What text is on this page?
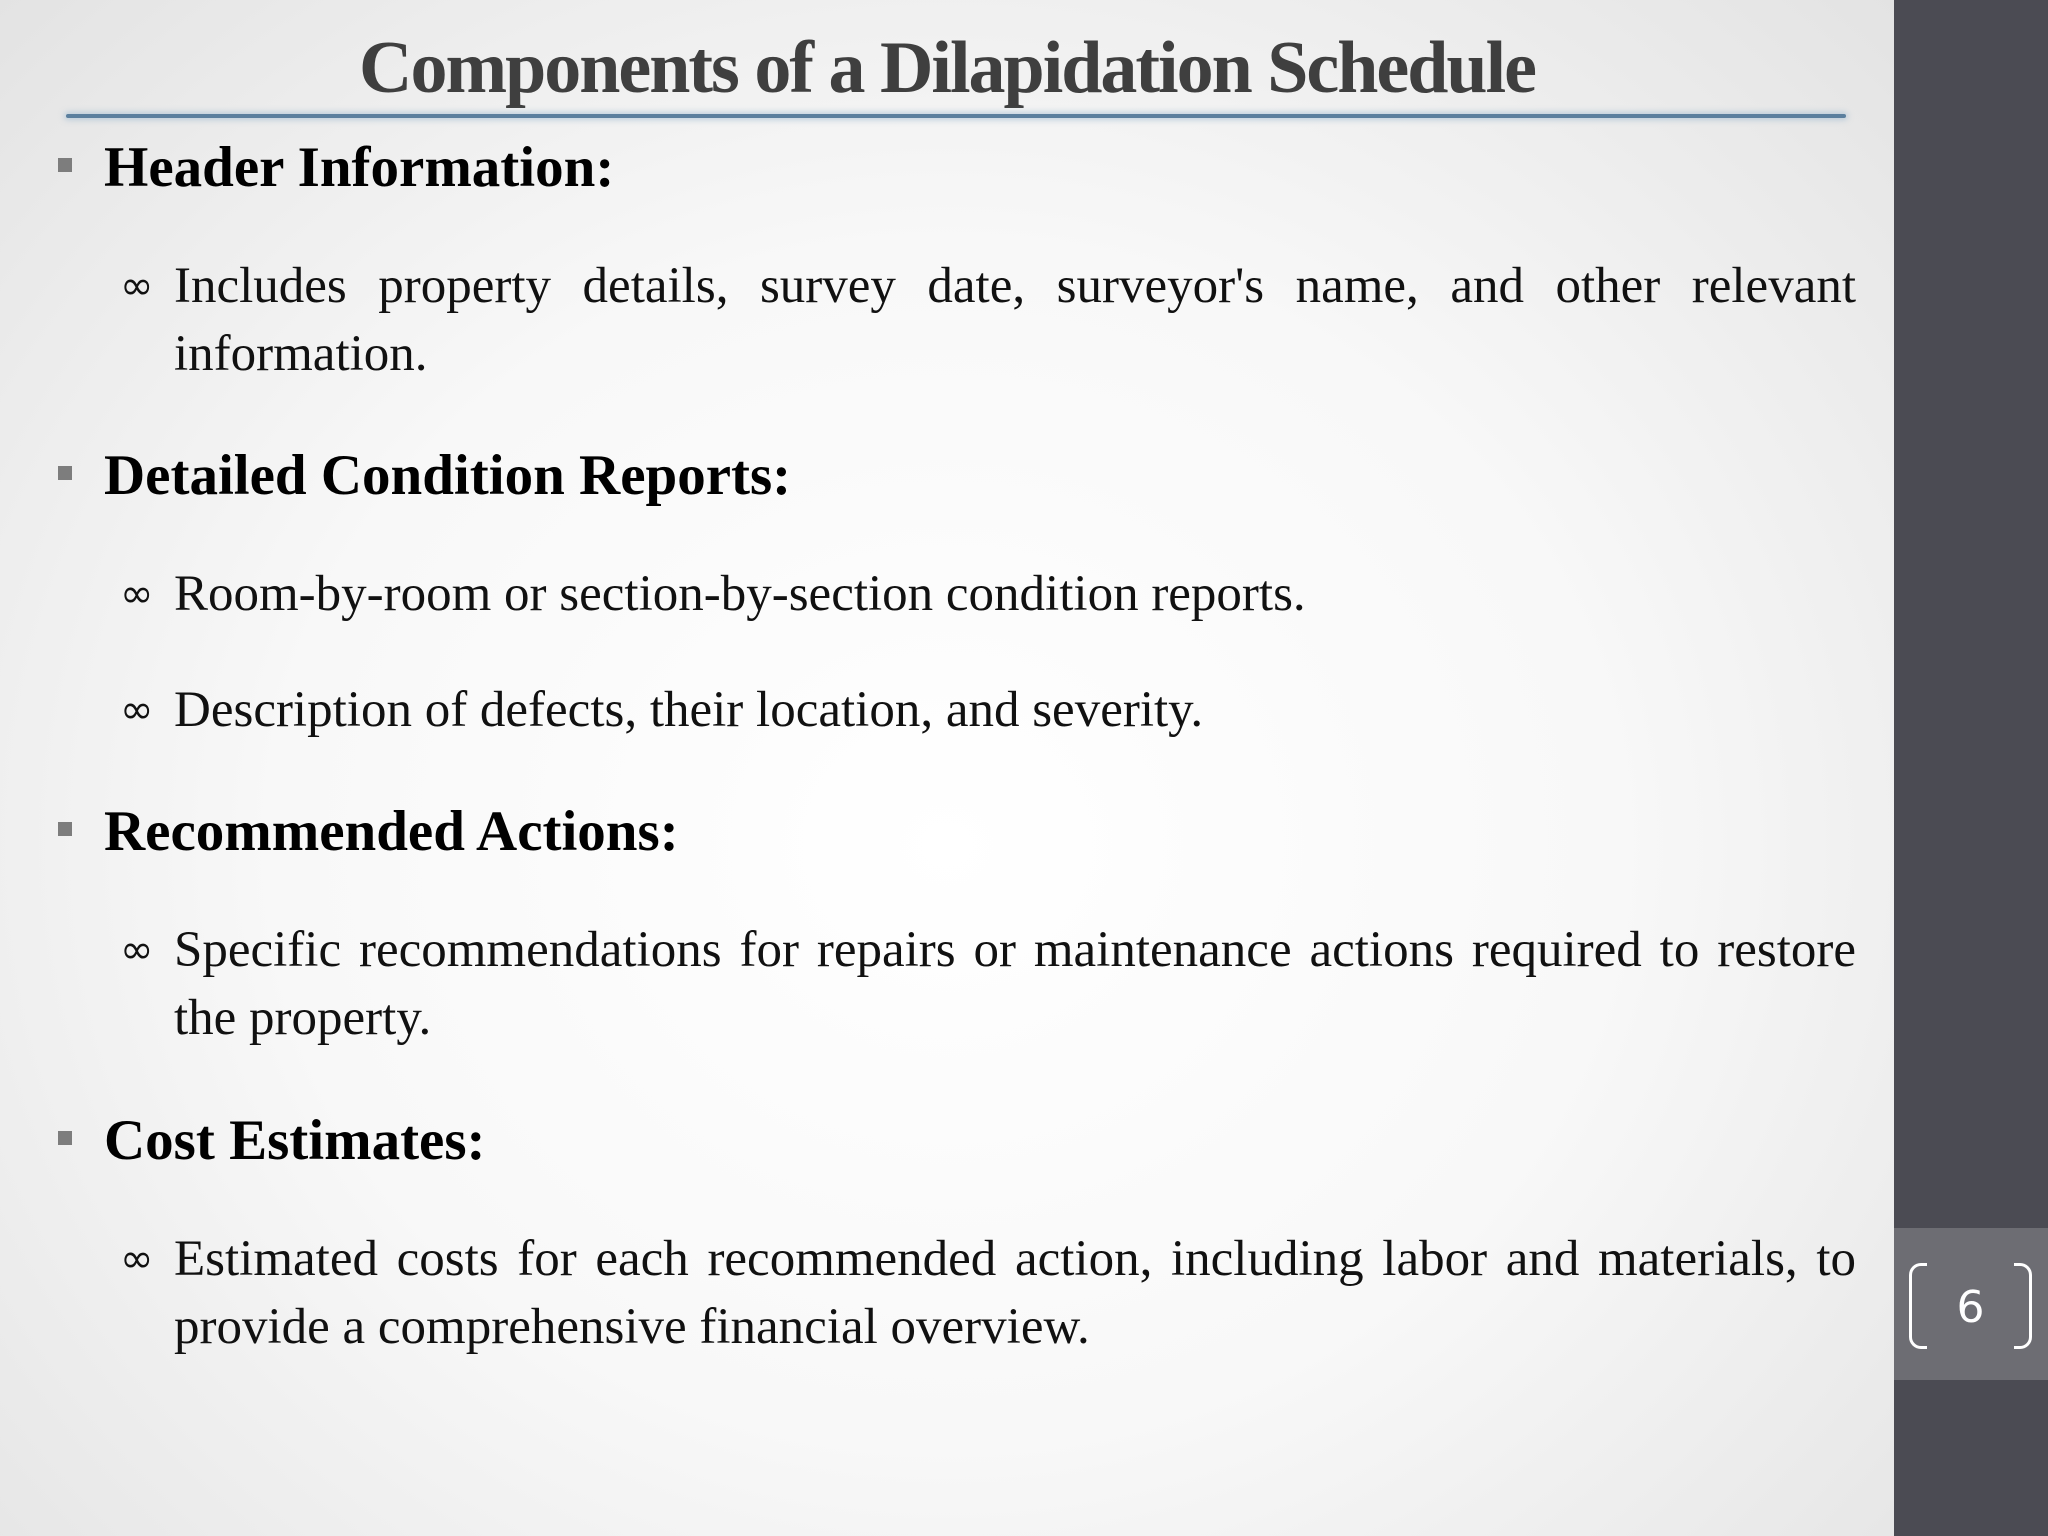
6
Components of a Dilapidation Schedule
Header Information:
∞ Includes property details, survey date, surveyor's name, and other relevant information.
Detailed Condition Reports:
∞ Room-by-room or section-by-section condition reports.
∞ Description of defects, their location, and severity.
Recommended Actions:
∞ Specific recommendations for repairs or maintenance actions required to restore the property.
Cost Estimates:
∞ Estimated costs for each recommended action, including labor and materials, to provide a comprehensive financial overview.
